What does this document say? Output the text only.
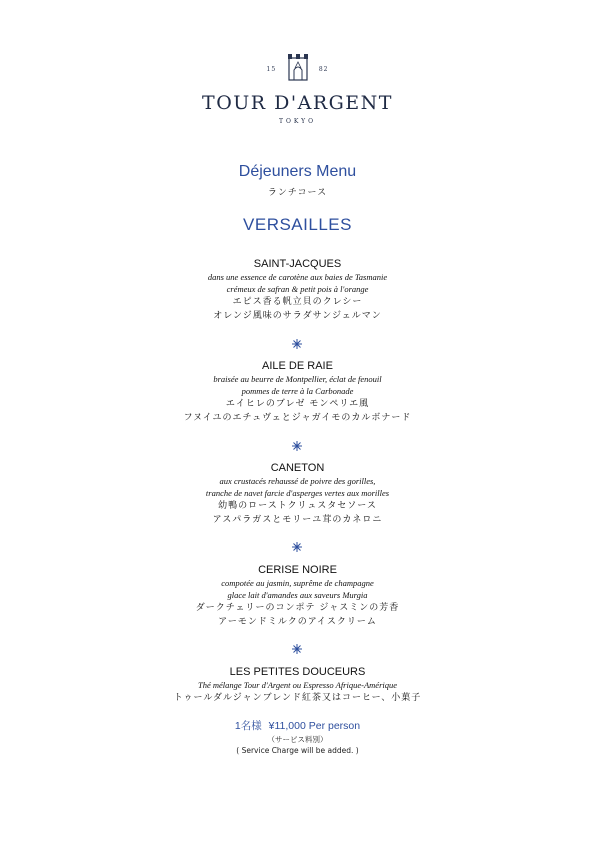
15	82
TOUR D'ARGENT
TOKYO
Déjeuners Menu
ランチコース
VERSAILLES
SAINT-JACQUES
dans une essence de carotène aux baies de Tasmanie
crémeux de safran & petit pois à l'orange
エピス香る帆立貝のクレシー
オレンジ風味のサラダサンジェルマン
AILE DE RAIE
braisée au beurre de Montpellier, éclat de fenouil
pommes de terre à la Carbonade
エイヒレのブレゼ モンペリエ風
フヌイユのエチュヴェとジャガイモのカルボナード
CANETON
aux crustacés rehaussé de poivre des gorilles,
tranche de navet farcie d'asperges vertes aux morilles
幼鴨のローストクリュスタセソース
アスパラガスとモリーユ茸のカネロニ
CERISE NOIRE
compotée au jasmin, suprême de champagne
glace lait d'amandes aux saveurs Murgia
ダークチェリーのコンポテ ジャスミンの芳香
アーモンドミルクのアイスクリーム
LES PETITES DOUCEURS
Thé mélange Tour d'Argent ou Espresso Afrique-Amérique
トゥールダルジャンブレンド紅茶又はコーヒー、小菓子
1名様 ¥11,000 Per person
（サービス料別）
( Service Charge will be added. )
